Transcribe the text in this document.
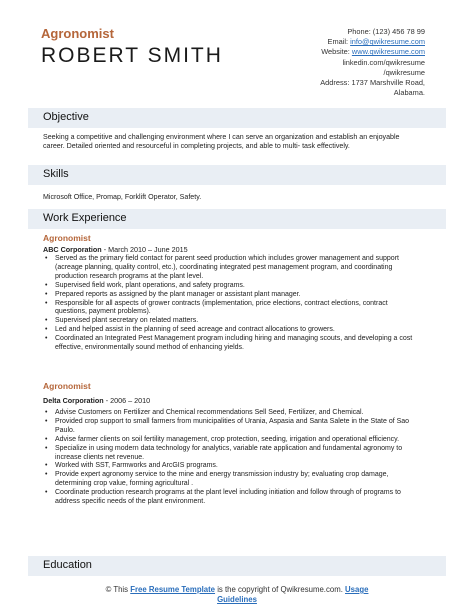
Agronomist
ROBERT SMITH
Phone: (123) 456 78 99
Email: info@qwikresume.com
Website: www.qwikresume.com
linkedin.com/qwikresume
/qwikresume
Address: 1737 Marshville Road,
Alabama.
Objective
Seeking a competitive and challenging environment where I can serve an organization and establish an enjoyable career. Detailed oriented and resourceful in completing projects, and able to multi- task effectively.
Skills
Microsoft Office, Promap, Forklift Operator, Safety.
Work Experience
Agronomist
ABC Corporation - March 2010 – June 2015
• Served as the primary field contact for parent seed production which includes grower management and support (acreage planning, quality control, etc.), coordinating integrated pest management program, and coordinating production research programs at the plant level.
• Supervised field work, plant operations, and safety programs.
• Prepared reports as assigned by the plant manager or assistant plant manager.
• Responsible for all aspects of grower contracts (implementation, price elections, contract elections, contract questions, payment problems).
• Supervised plant secretary on related matters.
• Led and helped assist in the planning of seed acreage and contract allocations to growers.
• Coordinated an Integrated Pest Management program including hiring and managing scouts, and developing a cost effective, environmentally sound method of enhancing yields.
Agronomist
Delta Corporation - 2006 – 2010
• Advise Customers on Fertilizer and Chemical recommendations Sell Seed, Fertilizer, and Chemical.
• Provided crop support to small farmers from municipalities of Urania, Aspasia and Santa Salete in the State of Sao Paulo.
• Advise farmer clients on soil fertility management, crop protection, seeding, irrigation and operational efficiency.
• Specialize in using modern data technology for analytics, variable rate application and fundamental agronomy to increase clients net revenue.
• Worked with SST, Farmworks and ArcGIS programs.
• Provide expert agronomy service to the mine and energy transmission industry by; evaluating crop damage, determining crop value, forming agricultural .
• Coordinate production research programs at the plant level including initiation and follow through of programs to address specific needs of the plant environment.
Education
© This Free Resume Template is the copyright of Qwikresume.com. Usage
Guidelines
